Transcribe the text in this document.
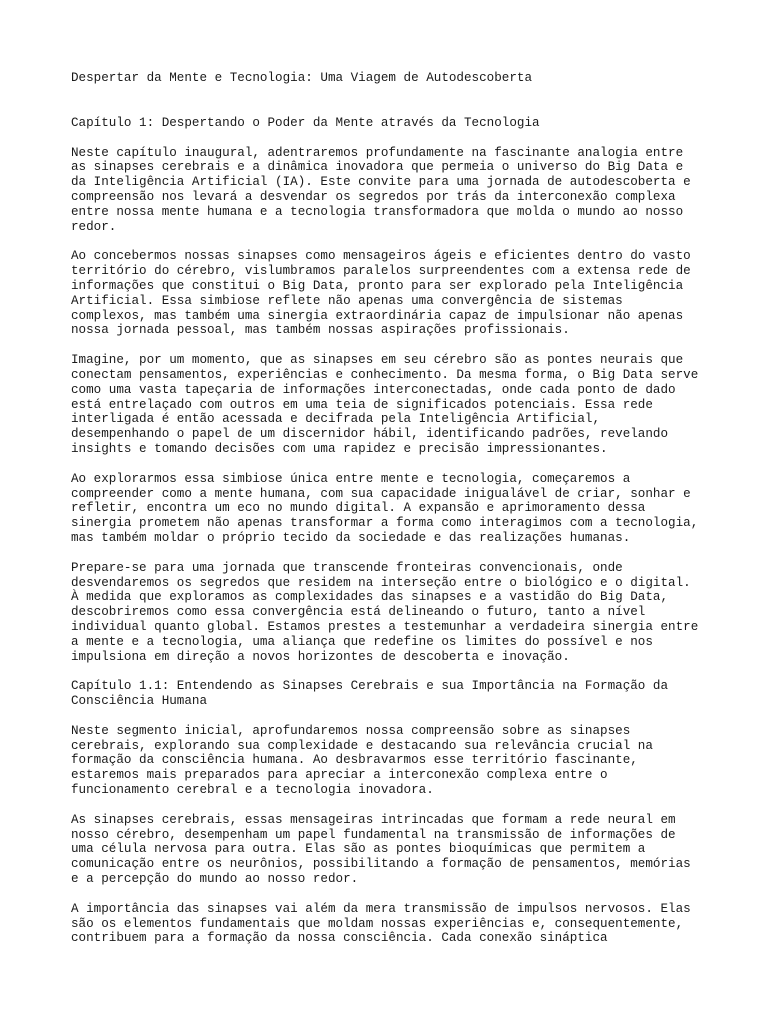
Despertar da Mente e Tecnologia: Uma Viagem de Autodescoberta
Capítulo 1: Despertando o Poder da Mente através da Tecnologia
Neste capítulo inaugural, adentraremos profundamente na fascinante analogia entre
as sinapses cerebrais e a dinâmica inovadora que permeia o universo do Big Data e
da Inteligência Artificial (IA). Este convite para uma jornada de autodescoberta e
compreensão nos levará a desvendar os segredos por trás da interconexão complexa
entre nossa mente humana e a tecnologia transformadora que molda o mundo ao nosso
redor.
Ao concebermos nossas sinapses como mensageiros ágeis e eficientes dentro do vasto
território do cérebro, vislumbramos paralelos surpreendentes com a extensa rede de
informações que constitui o Big Data, pronto para ser explorado pela Inteligência
Artificial. Essa simbiose reflete não apenas uma convergência de sistemas
complexos, mas também uma sinergia extraordinária capaz de impulsionar não apenas
nossa jornada pessoal, mas também nossas aspirações profissionais.
Imagine, por um momento, que as sinapses em seu cérebro são as pontes neurais que
conectam pensamentos, experiências e conhecimento. Da mesma forma, o Big Data serve
como uma vasta tapeçaria de informações interconectadas, onde cada ponto de dado
está entrelaçado com outros em uma teia de significados potenciais. Essa rede
interligada é então acessada e decifrada pela Inteligência Artificial,
desempenhando o papel de um discernidor hábil, identificando padrões, revelando
insights e tomando decisões com uma rapidez e precisão impressionantes.
Ao explorarmos essa simbiose única entre mente e tecnologia, começaremos a
compreender como a mente humana, com sua capacidade inigualável de criar, sonhar e
refletir, encontra um eco no mundo digital. A expansão e aprimoramento dessa
sinergia prometem não apenas transformar a forma como interagimos com a tecnologia,
mas também moldar o próprio tecido da sociedade e das realizações humanas.
Prepare-se para uma jornada que transcende fronteiras convencionais, onde
desvendaremos os segredos que residem na interseção entre o biológico e o digital.
À medida que exploramos as complexidades das sinapses e a vastidão do Big Data,
descobriremos como essa convergência está delineando o futuro, tanto a nível
individual quanto global. Estamos prestes a testemunhar a verdadeira sinergia entre
a mente e a tecnologia, uma aliança que redefine os limites do possível e nos
impulsiona em direção a novos horizontes de descoberta e inovação.
Capítulo 1.1: Entendendo as Sinapses Cerebrais e sua Importância na Formação da
Consciência Humana
Neste segmento inicial, aprofundaremos nossa compreensão sobre as sinapses
cerebrais, explorando sua complexidade e destacando sua relevância crucial na
formação da consciência humana. Ao desbravarmos esse território fascinante,
estaremos mais preparados para apreciar a interconexão complexa entre o
funcionamento cerebral e a tecnologia inovadora.
As sinapses cerebrais, essas mensageiras intrincadas que formam a rede neural em
nosso cérebro, desempenham um papel fundamental na transmissão de informações de
uma célula nervosa para outra. Elas são as pontes bioquímicas que permitem a
comunicação entre os neurônios, possibilitando a formação de pensamentos, memórias
e a percepção do mundo ao nosso redor.
A importância das sinapses vai além da mera transmissão de impulsos nervosos. Elas
são os elementos fundamentais que moldam nossas experiências e, consequentemente,
contribuem para a formação da nossa consciência. Cada conexão sináptica
